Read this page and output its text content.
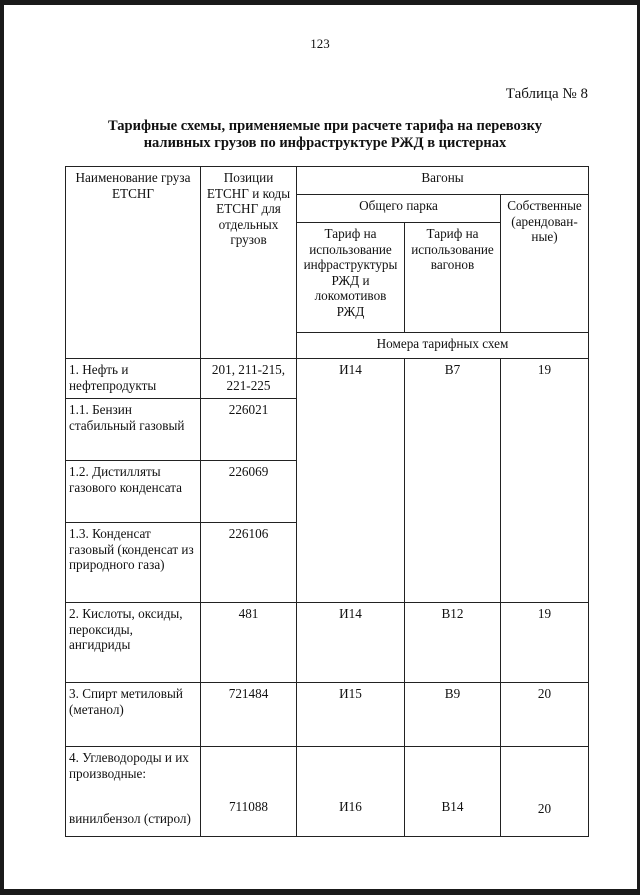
123
Таблица № 8
Тарифные схемы, применяемые при расчете тарифа на перевозку
наливных грузов по инфраструктуре РЖД в цистернах
Наименование груза ЕТСНГ	Позиции ЕТСНГ и коды ЕТСНГ для отдельных грузов	Вагоны		
		Общего парка		Собственные (арендован-ные)
		Тариф на использование инфраструктуры РЖД и локомотивов РЖД	Тариф на использование вагонов	
		Номера тарифных схем		
1. Нефть и нефтепродукты	201, 211-215, 221-225	И14	В7	19
1.1. Бензин стабильный газовый	226021			
1.2. Дистилляты газового конденсата	226069			
1.3. Конденсат газовый (конденсат из природного газа)	226106			
2. Кислоты, оксиды, пероксиды, ангидриды	481	И14	В12	19
3. Спирт метиловый (метанол)	721484	И15	В9	20

4. Углеводороды и их производные:
винилбензол (стирол)	711088	И16	В14	20
